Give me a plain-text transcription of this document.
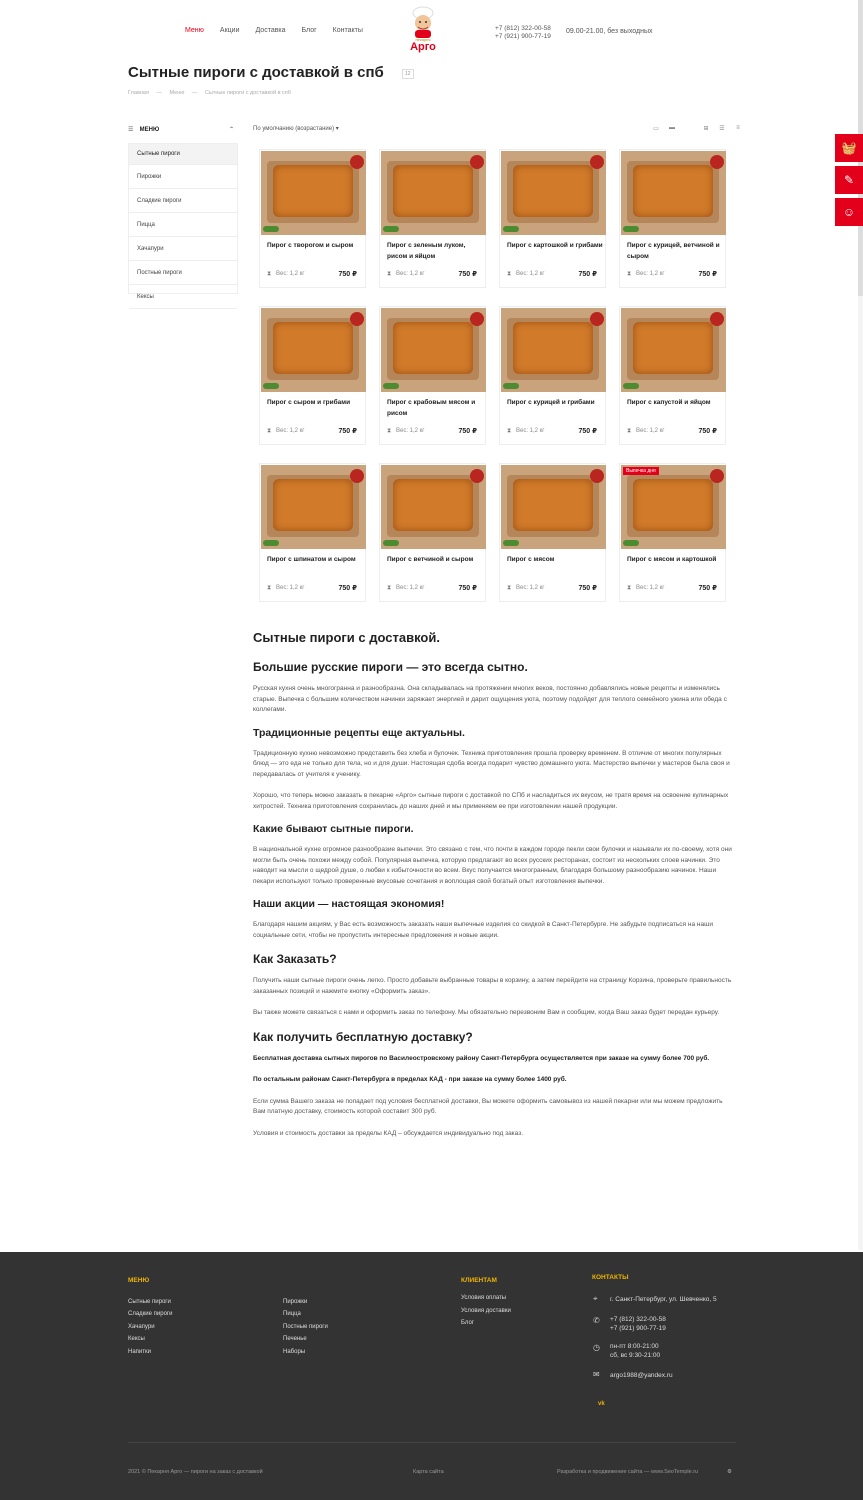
Меню Акции Доставка Блог Контакты
пекарня
Арго
+7 (812) 322-00-58
+7 (921) 900-77-19
09.00-21.00, без выходных
Сытные пироги с доставкой в спб	12
Главная — Меню — Сытные пироги с доставкой в спб
☰ МЕНЮ	⌃
Сытные пироги
Пирожки
Сладкие пироги
Пицца
Хачапури
Постные пироги
Кексы
По умолчанию (возрастание) ▾	▭ ▬	⊞ ☰	≡
Пирог с творогом и сыром
⧗ Вес: 1,2 кг	750 ₽
Пирог с зеленым луком, рисом и яйцом
⧗ Вес: 1,2 кг	750 ₽
Пирог с картошкой и грибами
⧗ Вес: 1,2 кг	750 ₽
Пирог с курицей, ветчиной и сыром
⧗ Вес: 1,2 кг	750 ₽
Пирог с сыром и грибами
⧗ Вес: 1,2 кг	750 ₽
Пирог с крабовым мясом и рисом
⧗ Вес: 1,2 кг	750 ₽
Пирог с курицей и грибами
⧗ Вес: 1,2 кг	750 ₽
Пирог с капустой и яйцом
⧗ Вес: 1,2 кг	750 ₽
Пирог с шпинатом и сыром
⧗ Вес: 1,2 кг	750 ₽
Пирог с ветчиной и сыром
⧗ Вес: 1,2 кг	750 ₽
Пирог с мясом
⧗ Вес: 1,2 кг	750 ₽
Выпечка дня
Пирог с мясом и картошкой
⧗ Вес: 1,2 кг	750 ₽
Сытные пироги с доставкой.
Большие русские пироги — это всегда сытно.

Русская кухня очень многогранна и разнообразна. Она складывалась на протяжении многих веков, постоянно добавлялись новые рецепты и изменялись старые. Выпечка с большим количеством начинки заряжает энергией и дарит ощущения уюта, поэтому подойдет для теплого семейного ужина или обеда с коллегами.

Традиционные рецепты еще актуальны.

Традиционную кухню невозможно представить без хлеба и булочек. Техника приготовления прошла проверку временем. В отличие от многих популярных блюд — это еда не только для тела, но и для души. Настоящая сдоба всегда подарит чувство домашнего уюта. Мастерство выпечки у мастеров была своя и передавалась от учителя к ученику.

Хорошо, что теперь можно заказать в пекарне «Арго» сытные пироги с доставкой по СПб и насладиться их вкусом, не тратя время на освоение кулинарных хитростей. Техника приготовления сохранилась до наших дней и мы применяем ее при изготовлении нашей продукции.

Какие бывают сытные пироги.

В национальной кухне огромное разнообразие выпечки. Это связано с тем, что почти в каждом городе пекли свои булочки и называли их по-своему, хотя они могли быть очень похожи между собой. Популярная выпечка, которую предлагают во всех русских ресторанах, состоит из нескольких слоев начинки. Это наводит на мысли о щедрой душе, о любви к избыточности во всем. Вкус получается многогранным, благодаря большому разнообразию начинок. Наши пекари используют только проверенные вкусовые сочетания и воплощая свой богатый опыт изготовления выпечки.

Наши акции — настоящая экономия!

Благодаря нашим акциям, у Вас есть возможность заказать наши выпечные изделия со скидкой в Санкт-Петербурге. Не забудьте подписаться на наши социальные сети, чтобы не пропустить интересные предложения и новые акции.

Как Заказать?

Получить наши сытные пироги очень легко. Просто добавьте выбранные товары в корзину, а затем перейдите на страницу Корзина, проверьте правильность заказанных позиций и нажмите кнопку «Оформить заказ».

Вы также можете связаться с нами и оформить заказ по телефону. Мы обязательно перезвоним Вам и сообщим, когда Ваш заказ будет передан курьеру.

Как получить бесплатную доставку?

Бесплатная доставка сытных пирогов по Василеостровскому району Санкт-Петербурга осуществляется при заказе на сумму более 700 руб.

По остальным районам Санкт-Петербурга в пределах КАД - при заказе на сумму более 1400 руб.

Если сумма Вашего заказа не попадает под условия бесплатной доставки, Вы можете оформить самовывоз из нашей пекарни или мы можем предложить Вам платную доставку, стоимость которой составит 300 руб.

Условия и стоимость доставки за пределы КАД – обсуждается индивидуально под заказ.

МЕНЮ
Сытные пироги
Сладкие пироги
Хачапури
Кексы
Напитки
Пирожки
Пицца
Постные пироги
Печенье
Наборы
КЛИЕНТАМ
Условия оплаты
Условия доставки
Блог
КОНТАКТЫ
⌖ г. Санкт-Петербург, ул. Шевченко, 5
✆ +7 (812) 322-00-58
+7 (921) 900-77-19
◷ пн-пт 8:00-21:00
сб, вс 9:30-21:00
✉ argo1988@yandex.ru
vk
2021 © Пекарня Арго — пироги на заказ с доставкой	Карта сайта	Разработка и продвижение сайта — www.SeoTemple.ru	⚙
🧺
✎
☺
